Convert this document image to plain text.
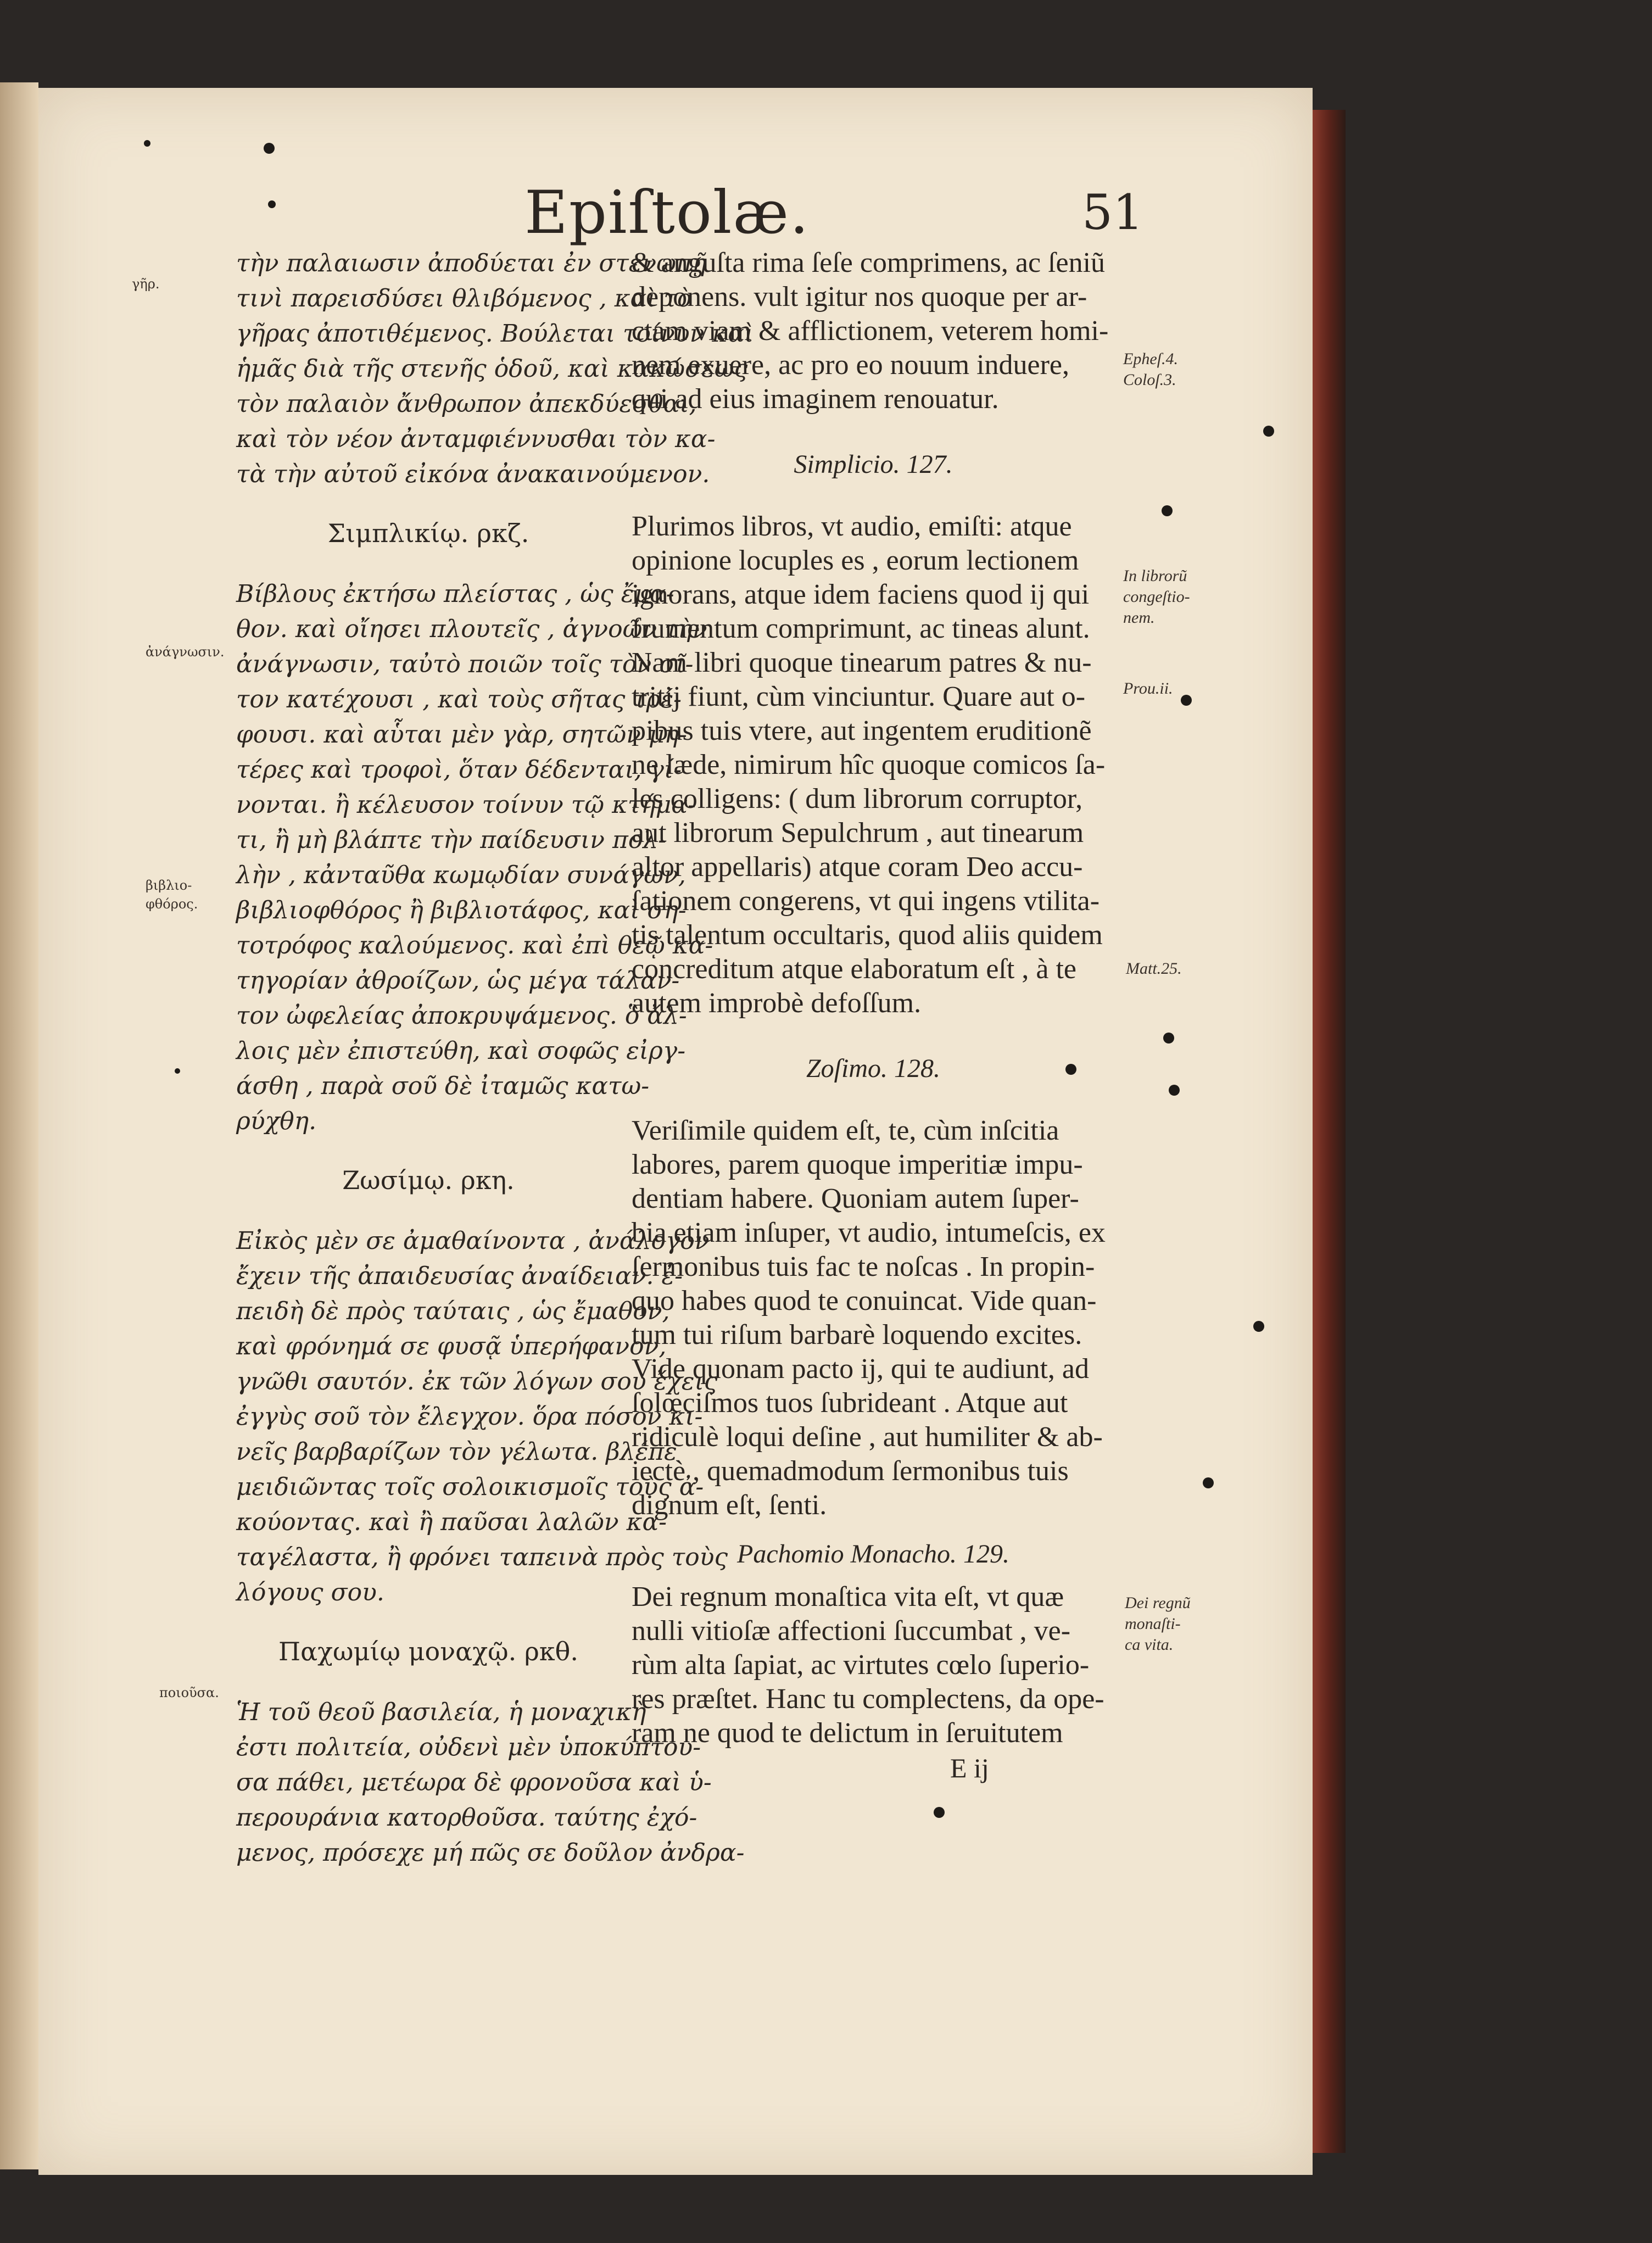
Epiſtolæ.	51
τὴν παλαιωσιν ἀποδύεται ἐν στενωπῇ
τινὶ παρεισδύσει θλιβόμενος , καὶ τὸ
γῆρας ἀποτιθέμενος. Βούλεται τοίνυν καὶ
ἡμᾶς διὰ τῆς στενῆς ὁδοῦ, καὶ κακώσεως
τὸν παλαιὸν ἄνθρωπον ἀπεκδύεσθαι,
καὶ τὸν νέον ἀνταμφιέννυσθαι τὸν κα-
τὰ τὴν αὐτοῦ εἰκόνα ἀνακαινούμενον.
Σιμπλικίῳ. ρκζ.
Βίβλους ἐκτήσω πλείστας , ὡς ἔμα-
θον. καὶ οἴησει πλουτεῖς , ἀγνοῶν τὴν
ἀνάγνωσιν, ταὐτὸ ποιῶν τοῖς τὸν σῖ-
τον κατέχουσι , καὶ τοὺς σῆτας τρέ-
φουσι. καὶ αὗται μὲν γὰρ, σητῶν μη-
τέρες καὶ τροφοὶ, ὅταν δέδενται, γί-
νονται. ἢ κέλευσον τοίνυν τῷ κτήμα-
τι, ἢ μὴ βλάπτε τὴν παίδευσιν πολ-
λὴν , κἀνταῦθα κωμῳδίαν συνάγων,
βιβλιοφθόρος ἢ βιβλιοτάφος, καὶ ση-
τοτρόφος καλούμενος. καὶ ἐπὶ θεῷ κα-
τηγορίαν ἀθροίζων, ὡς μέγα τάλαν-
τον ὠφελείας ἀποκρυψάμενος. ὃ ἄλ-
λοις μὲν ἐπιστεύθη, καὶ σοφῶς εἰργ-
άσθη , παρὰ σοῦ δὲ ἰταμῶς κατω-
ρύχθη.
Ζωσίμῳ. ρκη.
Εἰκὸς μὲν σε ἀμαθαίνοντα , ἀνάλογον
ἔχειν τῆς ἀπαιδευσίας ἀναίδειαν. ἐ-
πειδὴ δὲ πρὸς ταύταις , ὡς ἔμαθον,
καὶ φρόνημά σε φυσᾷ ὑπερήφανον,
γνῶθι σαυτόν. ἐκ τῶν λόγων σου ἔχεις
ἐγγὺς σοῦ τὸν ἔλεγχον. ὅρα πόσον κι-
νεῖς βαρβαρίζων τὸν γέλωτα. βλέπε
μειδιῶντας τοῖς σολοικισμοῖς τοὺς ἀ-
κούοντας. καὶ ἢ παῦσαι λαλῶν κα-
ταγέλαστα, ἢ φρόνει ταπεινὰ πρὸς τοὺς
λόγους σου.
Παχωμίῳ μοναχῷ. ρκθ.
Ἡ τοῦ θεοῦ βασιλεία, ἡ μοναχικὴ
ἐστι πολιτεία, οὐδενὶ μὲν ὑποκύπτου-
σα πάθει, μετέωρα δὲ φρονοῦσα καὶ ὑ-
περουράνια κατορθοῦσα. ταύτης ἐχό-
μενος, πρόσεχε μή πῶς σε δοῦλον ἀνδρα-
& anguſta rima ſeſe comprimens, ac ſeniũ
deponens. vult igitur nos quoque per ar-
ctam viam & afflictionem, veterem homi-
nem exuere, ac pro eo nouum induere,
qui ad eius imaginem renouatur.
Simplicio. 127.
Plurimos libros, vt audio, emiſti: atque
opinione locuples es , eorum lectionem
ignorans, atque idem faciens quod ij qui
frumentum comprimunt, ac tineas alunt.
Nam libri quoque tinearum patres & nu-
tritij fiunt, cùm vinciuntur. Quare aut o-
pibus tuis vtere, aut ingentem eruditionẽ
ne læde, nimirum hîc quoque comicos ſa-
les colligens: ( dum librorum corruptor,
aut librorum Sepulchrum , aut tinearum
altor appellaris) atque coram Deo accu-
ſationem congerens, vt qui ingens vtilita-
tis talentum occultaris, quod aliis quidem
concreditum atque elaboratum eſt , à te
autem improbè defoſſum.
Zoſimo. 128.
Veriſimile quidem eſt, te, cùm inſcitia
labores, parem quoque imperitiæ impu-
dentiam habere. Quoniam autem ſuper-
bia etiam inſuper, vt audio, intumeſcis, ex
ſermonibus tuis fac te noſcas . In propin-
quo habes quod te conuincat. Vide quan-
tum tui riſum barbarè loquendo excites.
Vide quonam pacto ij, qui te audiunt, ad
ſolœciſmos tuos ſubrideant . Atque aut
ridiculè loqui deſine , aut humiliter & ab-
iectè , quemadmodum ſermonibus tuis
dignum eſt, ſenti.
Pachomio Monacho. 129.
Dei regnum monaſtica vita eſt, vt quæ
nulli vitioſæ affectioni ſuccumbat , ve-
rùm alta ſapiat, ac virtutes cœlo ſuperio-
res præſtet. Hanc tu complectens, da ope-
ram ne quod te delictum in ſeruitutem
E ij
Epheſ.4.
Coloſ.3.
In librorũ
congeſtio-
nem.
Prou.ii.
Matt.25.
Dei regnũ
monaſti-
ca vita.
γῆρ.
ἀνάγνωσιν.
βιβλιο-
φθόρος.
ποιοῦσα.
